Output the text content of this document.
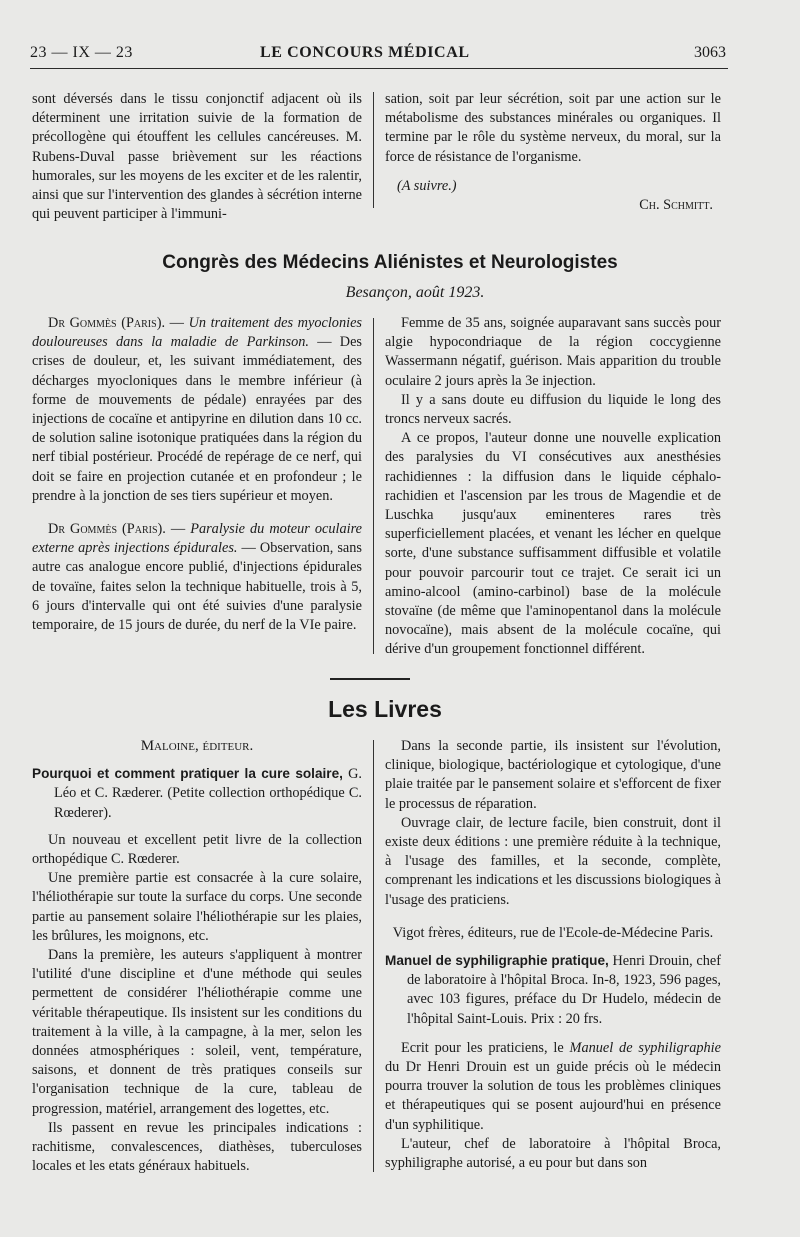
23 — IX — 23	LE CONCOURS MÉDICAL	3063

sont déversés dans le tissu conjonctif adjacent où ils déterminent une irritation suivie de la formation de précollogène qui étouffent les cellules cancéreuses. M. Rubens-Duval passe brièvement sur les réactions humorales, sur les moyens de les exciter et de les ralentir, ainsi que sur l'intervention des glandes à sécrétion interne qui peuvent participer à l'immuni-

sation, soit par leur sécrétion, soit par une action sur le métabolisme des substances minérales ou organiques. Il termine par le rôle du système nerveux, du moral, sur la force de résistance de l'organisme.

(A suivre.)

Ch. Schmitt.

Congrès des Médecins Aliénistes et Neurologistes
Besançon, août 1923.

Dr Gommès (Paris). — Un traitement des myoclonies douloureuses dans la maladie de Parkinson. — Des crises de douleur, et, les suivant immédiatement, des décharges myocloniques dans le membre inférieur (à forme de mouvements de pédale) enrayées par des injections de cocaïne et antipyrine en dilution dans 10 cc. de solution saline isotonique pratiquées dans la région du nerf tibial postérieur. Procédé de repérage de ce nerf, qui doit se faire en projection cutanée et en profondeur ; le prendre à la jonction de ses tiers supérieur et moyen.

Dr Gommès (Paris). — Paralysie du moteur oculaire externe après injections épidurales. — Observation, sans autre cas analogue encore publié, d'injections épidurales de tovaïne, faites selon la technique habituelle, trois à 5, 6 jours d'intervalle qui ont été suivies d'une paralysie temporaire, de 15 jours de durée, du nerf de la VIe paire.

Femme de 35 ans, soignée auparavant sans succès pour algie hypocondriaque de la région coccygienne Wassermann négatif, guérison. Mais apparition du trouble oculaire 2 jours après la 3e injection.

Il y a sans doute eu diffusion du liquide le long des troncs nerveux sacrés.

A ce propos, l'auteur donne une nouvelle explication des paralysies du VI consécutives aux anesthésies rachidiennes : la diffusion dans le liquide céphalo-rachidien et l'ascension par les trous de Magendie et de Luschka jusqu'aux eminenteres rares très superficiellement placées, et venant les lécher en quelque sorte, d'une substance suffisamment diffusible et volatile pour pouvoir parcourir tout ce trajet. Ce serait ici un amino-alcool (amino-carbinol) base de la molécule stovaïne (de même que l'aminopentanol dans la molécule novocaïne), mais absent de la molécule cocaïne, qui dérive d'un groupement fonctionnel différent.

Les Livres

Maloine, éditeur.

Pourquoi et comment pratiquer la cure solaire, G. Léo et C. Ræderer. (Petite collection orthopédique C. Rœderer).

Un nouveau et excellent petit livre de la collection orthopédique C. Rœderer.

Une première partie est consacrée à la cure solaire, l'héliothérapie sur toute la surface du corps. Une seconde partie au pansement solaire l'héliothérapie sur les plaies, les brûlures, les moignons, etc.

Dans la première, les auteurs s'appliquent à montrer l'utilité d'une discipline et d'une méthode qui seules permettent de considérer l'héliothérapie comme une véritable thérapeutique. Ils insistent sur les conditions du traitement à la ville, à la campagne, à la mer, selon les données atmosphériques : soleil, vent, température, saisons, et donnent de très pratiques conseils sur l'organisation technique de la cure, tableau de progression, matériel, arrangement des logettes, etc.

Ils passent en revue les principales indications : rachitisme, convalescences, diathèses, tuberculoses locales et les etats généraux habituels.

Dans la seconde partie, ils insistent sur l'évolution, clinique, biologique, bactériologique et cytologique, d'une plaie traitée par le pansement solaire et s'efforcent de fixer le processus de réparation.

Ouvrage clair, de lecture facile, bien construit, dont il existe deux éditions : une première réduite à la technique, à l'usage des familles, et la seconde, complète, comprenant les indications et les discussions biologiques à l'usage des praticiens.

Vigot frères, éditeurs, rue de l'Ecole-de-Médecine Paris.

Manuel de syphiligraphie pratique, Henri Drouin, chef de laboratoire à l'hôpital Broca. In-8, 1923, 596 pages, avec 103 figures, préface du Dr Hudelo, médecin de l'hôpital Saint-Louis. Prix : 20 frs.

Ecrit pour les praticiens, le Manuel de syphiligraphie du Dr Henri Drouin est un guide précis où le médecin pourra trouver la solution de tous les problèmes cliniques et thérapeutiques qui se posent aujourd'hui en présence d'un syphilitique.

L'auteur, chef de laboratoire à l'hôpital Broca, syphiligraphe autorisé, a eu pour but dans son
